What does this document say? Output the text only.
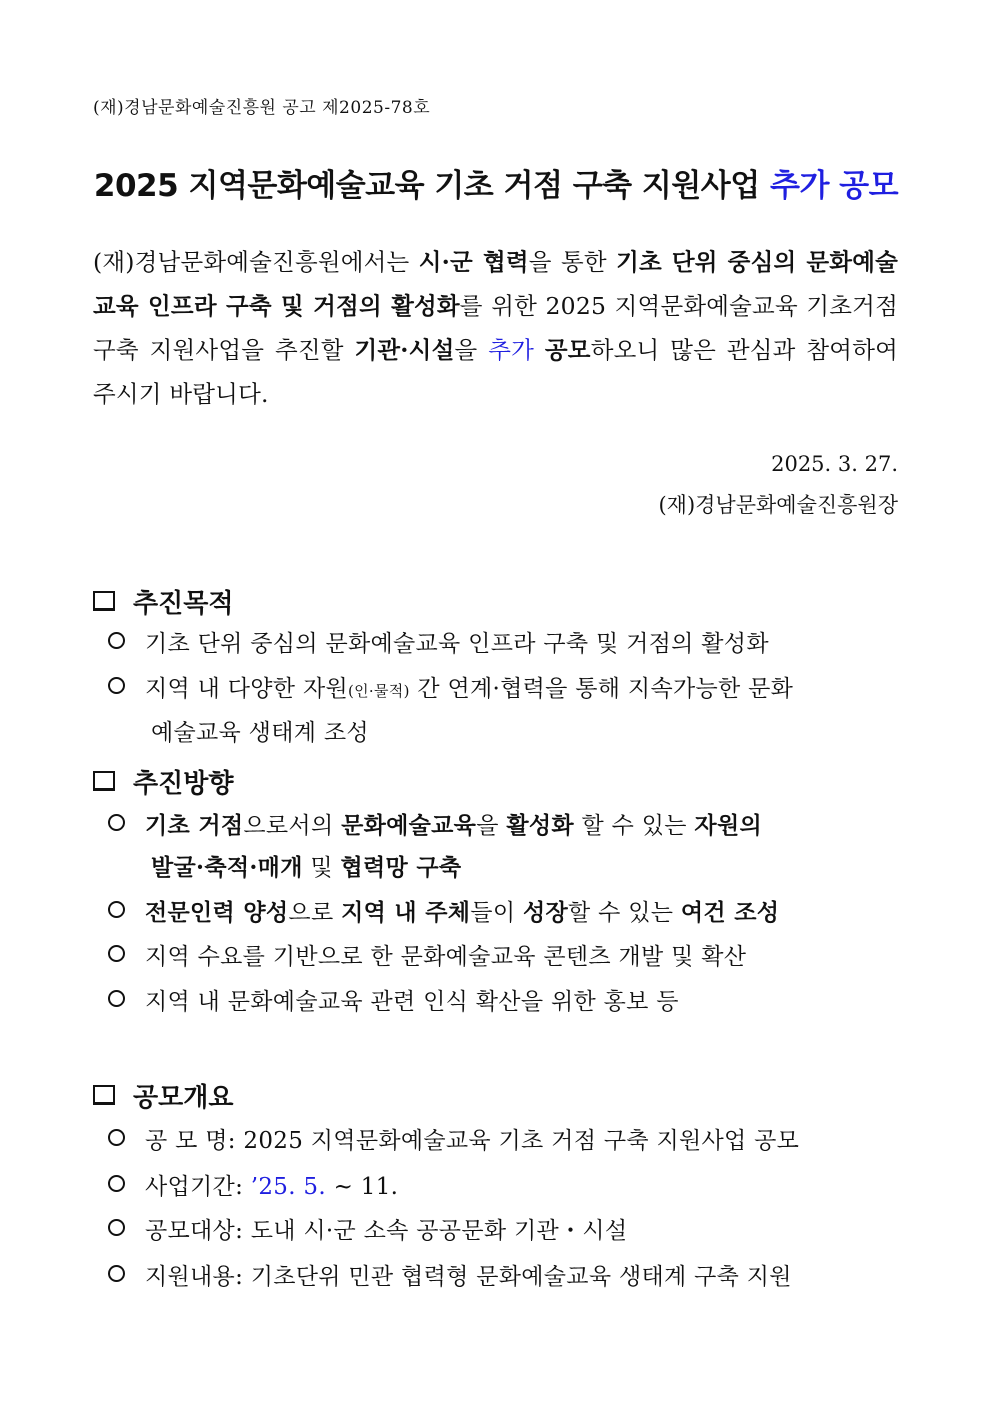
(재)경남문화예술진흥원 공고 제2025-78호
2025 지역문화예술교육 기초 거점 구축 지원사업 추가 공모
(재)경남문화예술진흥원에서는 시·군 협력을 통한 기초 단위 중심의 문화예술교육 인프라 구축 및 거점의 활성화를 위한 2025 지역문화예술교육 기초거점 구축 지원사업을 추진할 기관·시설을 추가 공모하오니 많은 관심과 참여하여 주시기 바랍니다.
2025. 3. 27.
(재)경남문화예술진흥원장
추진목적
기초 단위 중심의 문화예술교육 인프라 구축 및 거점의 활성화
지역 내 다양한 자원(인·물적) 간 연계·협력을 통해 지속가능한 문화
예술교육 생태계 조성
추진방향
기초 거점으로서의 문화예술교육을 활성화 할 수 있는 자원의
발굴·축적·매개 및 협력망 구축
전문인력 양성으로 지역 내 주체들이 성장할 수 있는 여건 조성
지역 수요를 기반으로 한 문화예술교육 콘텐츠 개발 및 확산
지역 내 문화예술교육 관련 인식 확산을 위한 홍보 등
공모개요
공 모 명: 2025 지역문화예술교육 기초 거점 구축 지원사업 공모
사업기간: ’25. 5. ~ 11.
공모대상: 도내 시·군 소속 공공문화 기관・시설
지원내용: 기초단위 민관 협력형 문화예술교육 생태계 구축 지원
